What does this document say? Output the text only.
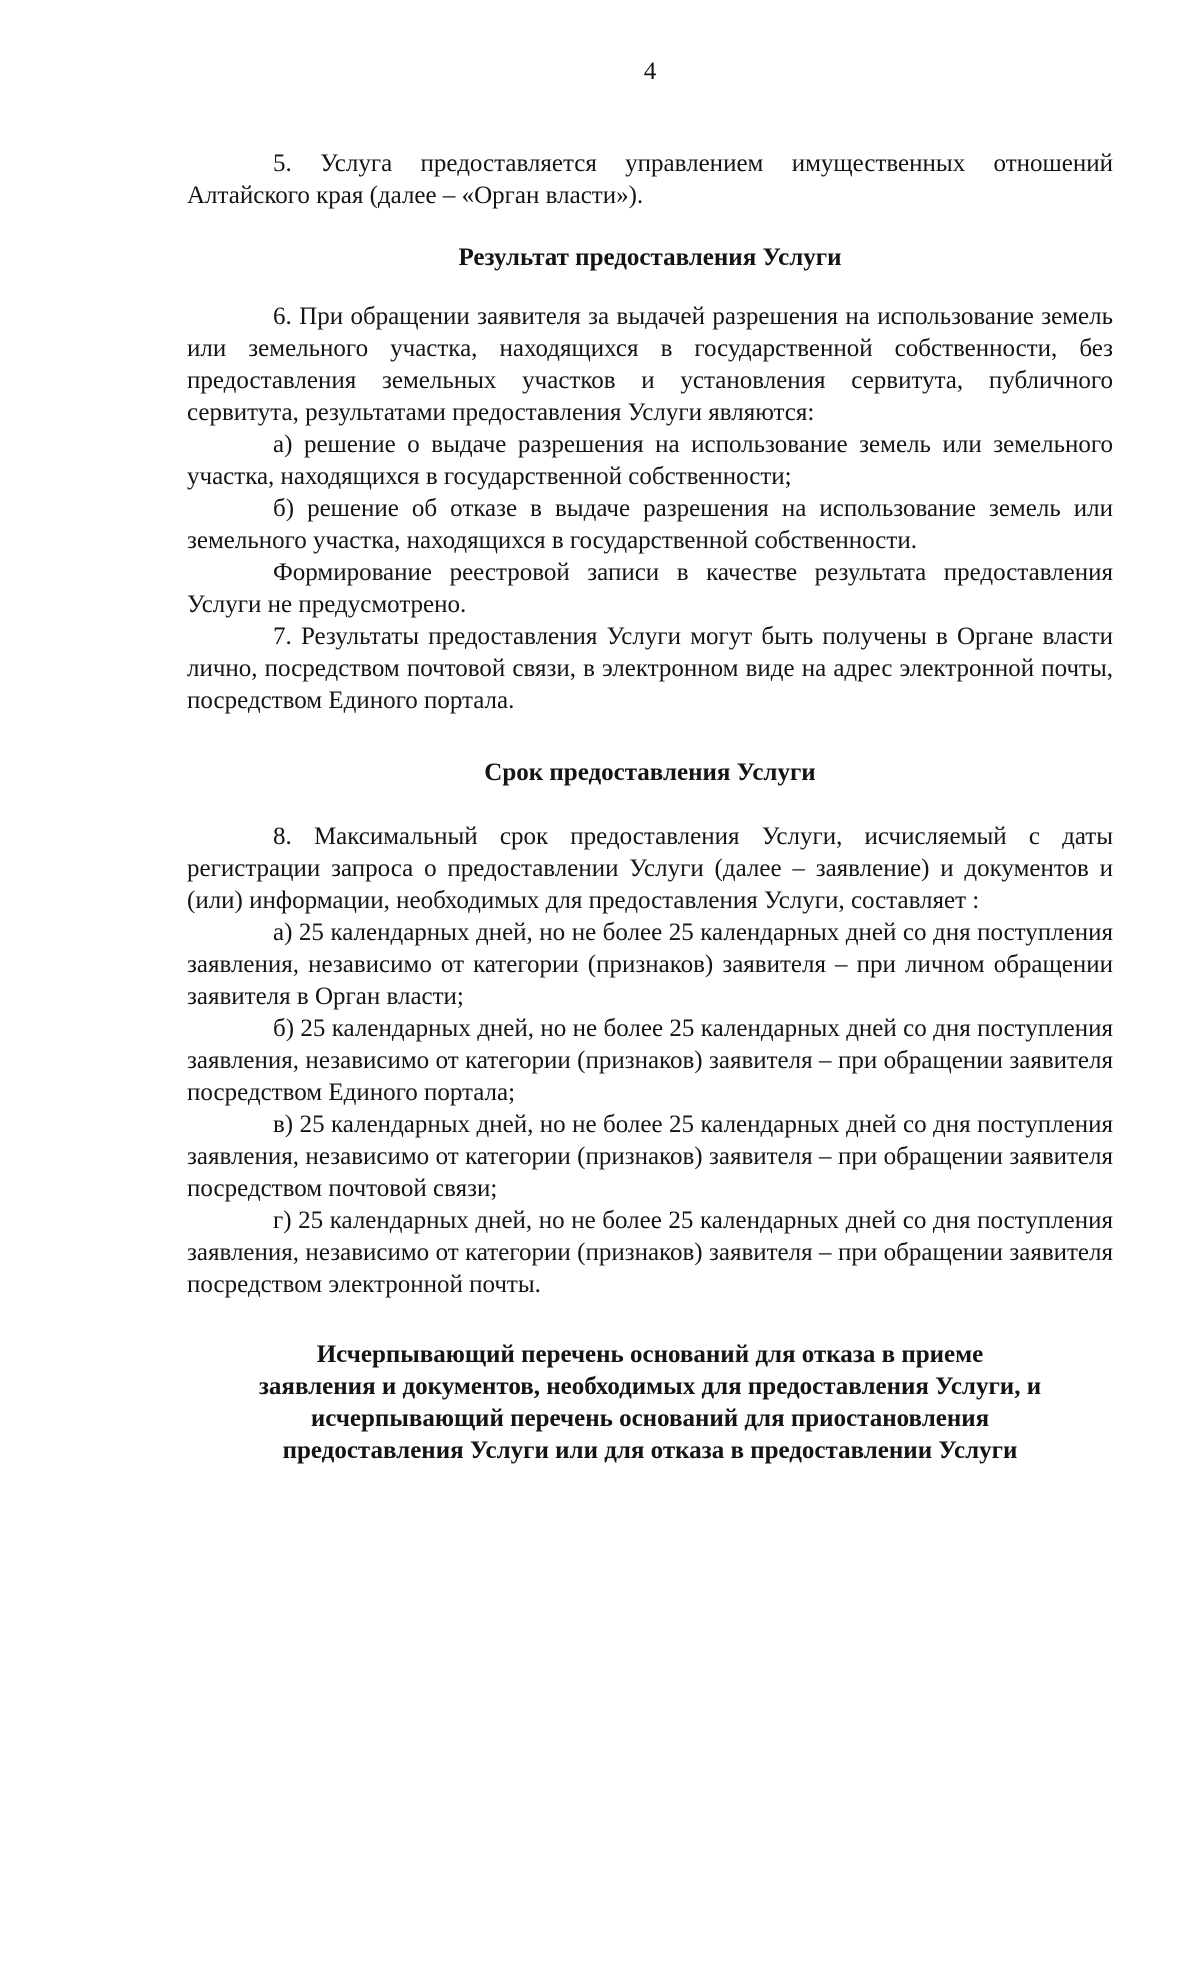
4

5. Услуга предоставляется управлением имущественных отношений Алтайского края (далее – «Орган власти»).

Результат предоставления Услуги

6. При обращении заявителя за выдачей разрешения на использование земель или земельного участка, находящихся в государственной собственности, без предоставления земельных участков и установления сервитута, публичного сервитута, результатами предоставления Услуги являются:

а) решение о выдаче разрешения на использование земель или земельного участка, находящихся в государственной собственности;

б) решение об отказе в выдаче разрешения на использование земель или земельного участка, находящихся в государственной собственности.

Формирование реестровой записи в качестве результата предоставления Услуги не предусмотрено.

7. Результаты предоставления Услуги могут быть получены в Органе власти лично, посредством почтовой связи, в электронном виде на адрес электронной почты, посредством Единого портала.

Срок предоставления Услуги

8. Максимальный срок предоставления Услуги, исчисляемый с даты регистрации запроса о предоставлении Услуги (далее – заявление) и документов и (или) информации, необходимых для предоставления Услуги, составляет :

а) 25 календарных дней, но не более 25 календарных дней со дня поступления заявления, независимо от категории (признаков) заявителя – при личном обращении заявителя в Орган власти;

б) 25 календарных дней, но не более 25 календарных дней со дня поступления заявления, независимо от категории (признаков) заявителя – при обращении заявителя посредством Единого портала;

в) 25 календарных дней, но не более 25 календарных дней со дня поступления заявления, независимо от категории (признаков) заявителя – при обращении заявителя посредством почтовой связи;

г) 25 календарных дней, но не более 25 календарных дней со дня поступления заявления, независимо от категории (признаков) заявителя – при обращении заявителя посредством электронной почты.

Исчерпывающий перечень оснований для отказа в приеме
заявления и документов, необходимых для предоставления Услуги, и
исчерпывающий перечень оснований для приостановления
предоставления Услуги или для отказа в предоставлении Услуги
